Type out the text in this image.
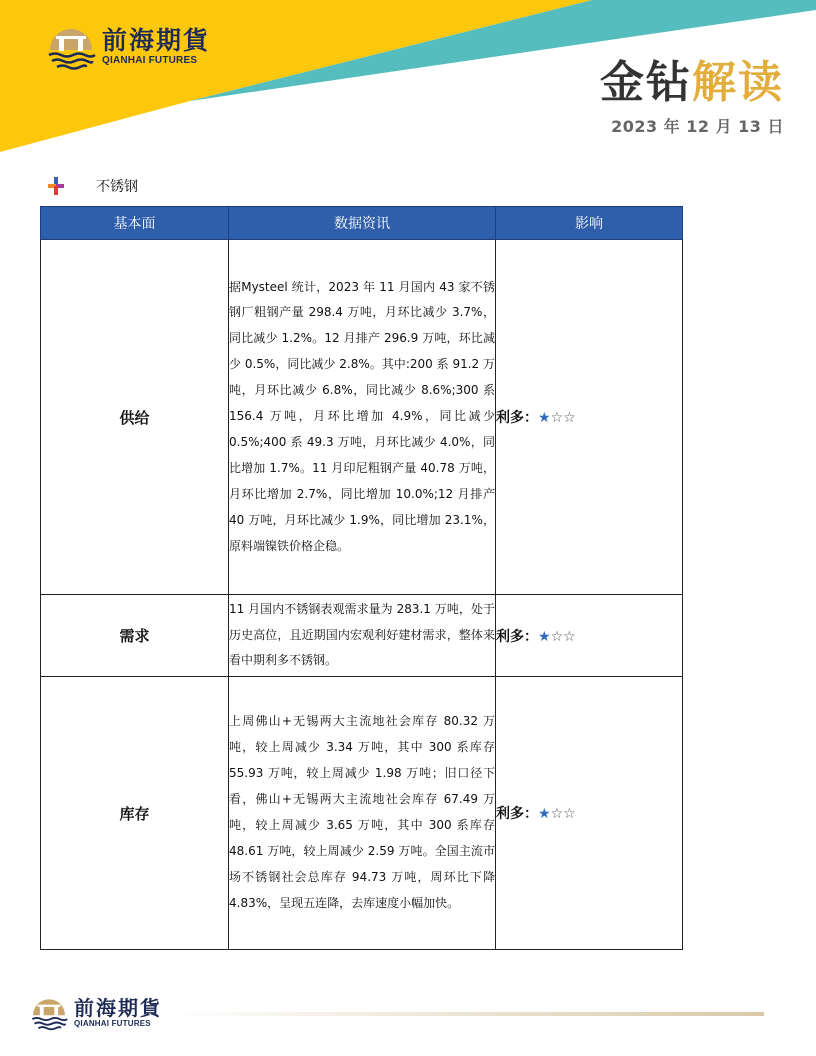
前海期貨
QIANHAI FUTURES	金钻解读
2023 年 12 月 13 日
不锈钢
基本面	数据资讯	影响
供给	据Mysteel 统计，2023 年 11 月国内 43 家不锈钢厂粗钢产量 298.4 万吨，月环比减少 3.7%，同比减少 1.2%。12 月排产 296.9 万吨，环比减少 0.5%，同比减少 2.8%。其中:200 系 91.2 万吨，月环比减少 6.8%，同比减少 8.6%;300 系 156.4 万吨，月环比增加 4.9%，同比减少 0.5%;400 系 49.3 万吨，月环比减少 4.0%，同比增加 1.7%。11 月印尼粗钢产量 40.78 万吨，月环比增加 2.7%，同比增加 10.0%;12 月排产 40 万吨，月环比减少 1.9%，同比增加 23.1%，原料端镍铁价格企稳。	利多：★☆☆
需求	11 月国内不锈钢表观需求量为 283.1 万吨，处于历史高位，且近期国内宏观利好建材需求，整体来看中期利多不锈钢。	利多：★☆☆
库存	上周佛山+无锡两大主流地社会库存 80.32 万吨，较上周减少 3.34 万吨，其中 300 系库存 55.93 万吨，较上周减少 1.98 万吨；旧口径下看，佛山+无锡两大主流地社会库存 67.49 万吨，较上周减少 3.65 万吨，其中 300 系库存 48.61 万吨，较上周减少 2.59 万吨。全国主流市场不锈钢社会总库存 94.73 万吨，周环比下降 4.83%，呈现五连降，去库速度小幅加快。	利多：★☆☆
前海期貨
QIANHAI FUTURES
